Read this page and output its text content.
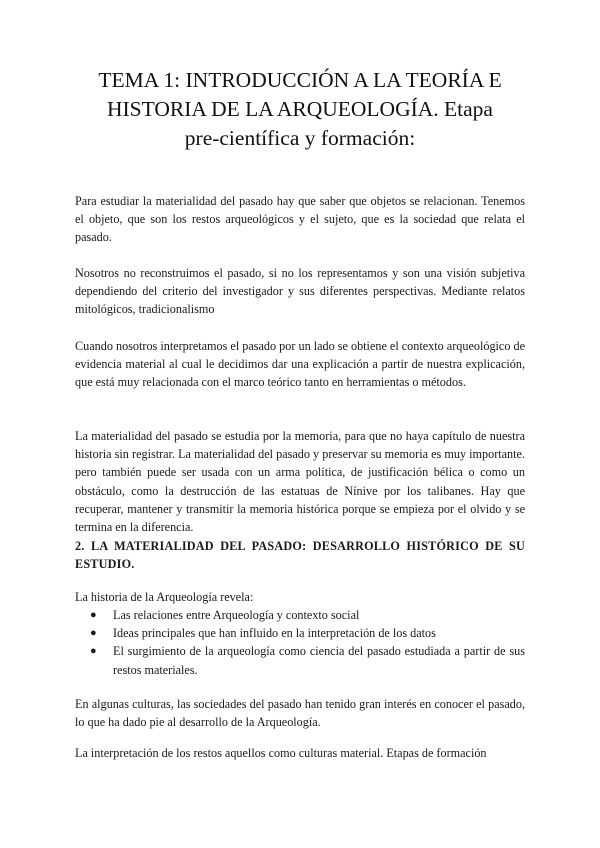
TEMA 1: INTRODUCCIÓN A LA TEORÍA E
HISTORIA DE LA ARQUEOLOGÍA. Etapa
pre-científica y formación:

Para estudiar la materialidad del pasado hay que saber que objetos se relacionan. Tenemos el objeto, que son los restos arqueológicos y el sujeto, que es la sociedad que relata el pasado.

Nosotros no reconstruimos el pasado, si no los representamos y son una visión subjetiva dependiendo del criterio del investigador y sus diferentes perspectivas. Mediante relatos mitológicos, tradicionalismo

Cuando nosotros interpretamos el pasado por un lado se obtiene el contexto arqueológico de evidencia material al cual le decidimos dar una explicación a partir de nuestra explicación, que está muy relacionada con el marco teórico tanto en herramientas o métodos.

La materialidad del pasado se estudia por la memoria, para que no haya capítulo de nuestra historia sin registrar. La materialidad del pasado y preservar su memoria es muy importante. pero también puede ser usada con un arma política, de justificación bélica o como un obstáculo, como la destrucción de las estatuas de Nínive por los talibanes. Hay que recuperar, mantener y transmitir la memoria histórica porque se empieza por el olvido y se termina en la diferencia.

2. LA MATERIALIDAD DEL PASADO: DESARROLLO HISTÓRICO DE SU ESTUDIO.

La historia de la Arqueología revela:

● Las relaciones entre Arqueología y contexto social
● Ideas principales que han influido en la interpretación de los datos
● El surgimiento de la arqueología como ciencia del pasado estudiada a partir de sus restos materiales.

En algunas culturas, las sociedades del pasado han tenido gran interés en conocer el pasado, lo que ha dado pie al desarrollo de la Arqueología.

La interpretación de los restos aquellos como culturas material. Etapas de formación
